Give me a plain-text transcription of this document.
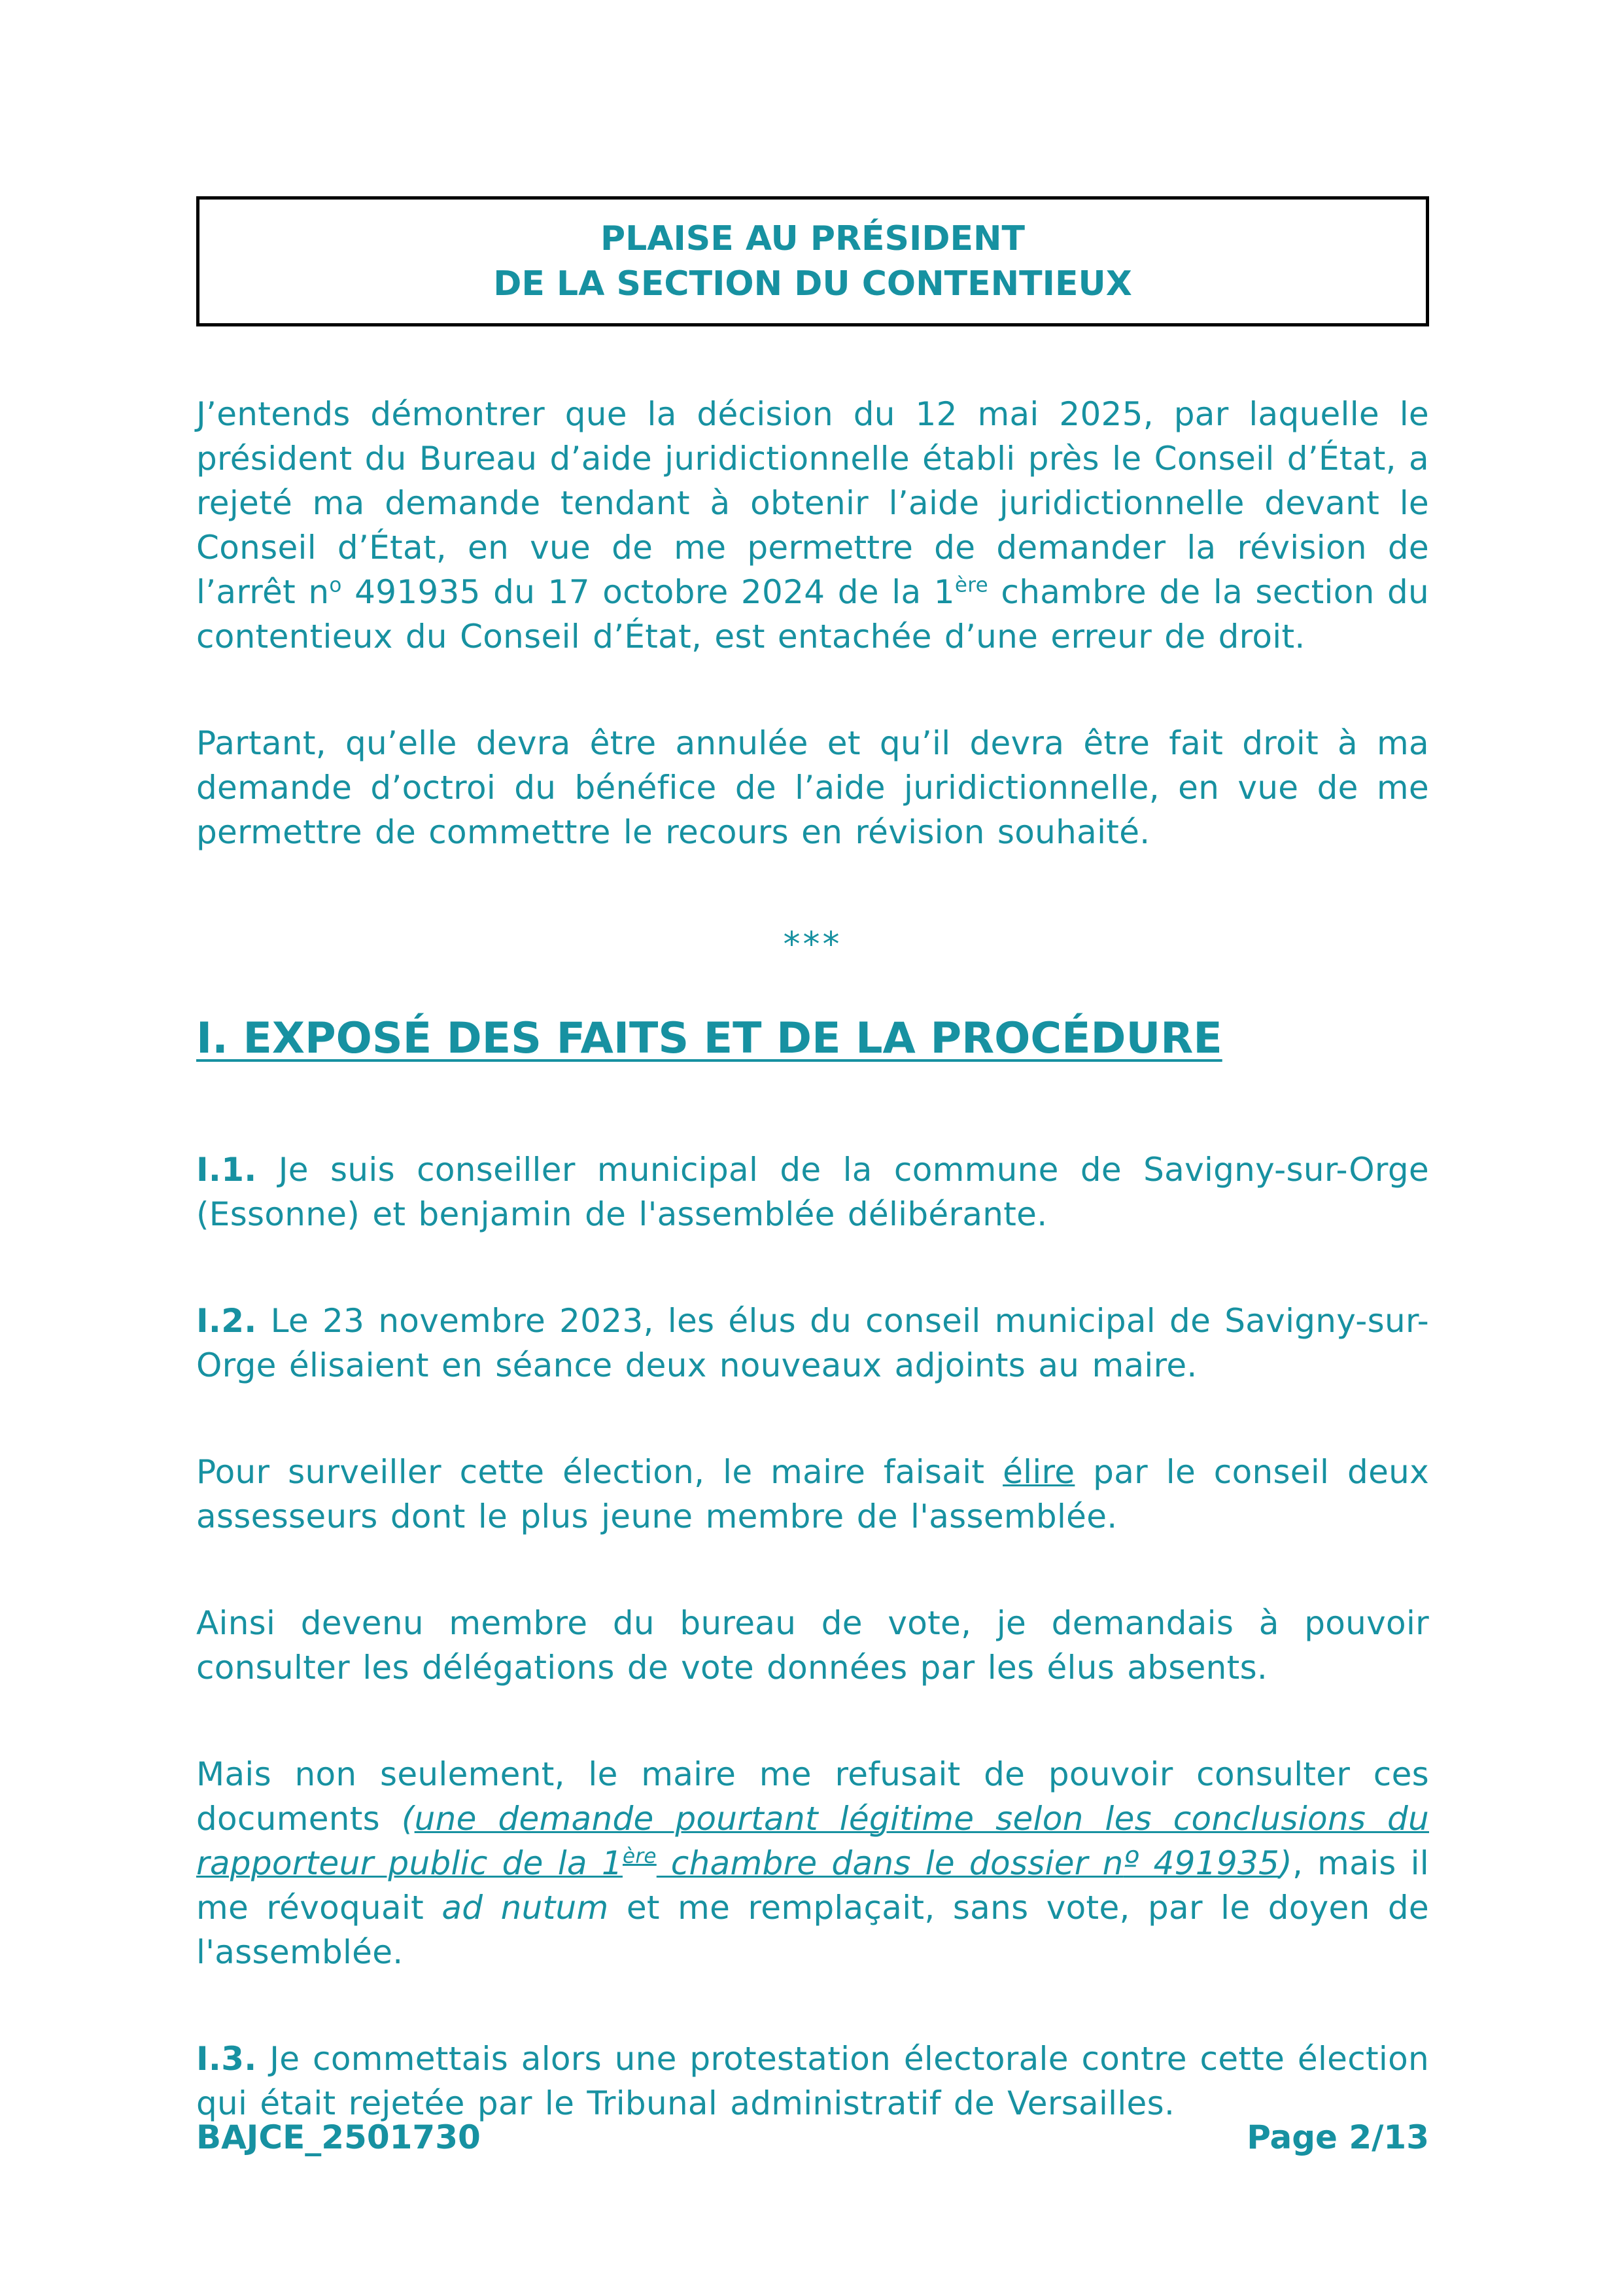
PLAISE AU PRÉSIDENT
DE LA SECTION DU CONTENTIEUX

J’entends démontrer que la décision du 12 mai 2025, par laquelle le président du Bureau d’aide juridictionnelle établi près le Conseil d’État, a rejeté ma demande tendant à obtenir l’aide juridictionnelle devant le Conseil d’État, en vue de me permettre de demander la révision de l’arrêt $n^o$ 491935 du 17 octobre 2024 de la 1ère chambre de la section du contentieux du Conseil d’État, est entachée d’une erreur de droit.

Partant, qu’elle devra être annulée et qu’il devra être fait droit à ma demande d’octroi du bénéfice de l’aide juridictionnelle, en vue de me permettre de commettre le recours en révision souhaité.

***

I. EXPOSÉ DES FAITS ET DE LA PROCÉDURE

I.1. Je suis conseiller municipal de la commune de Savigny-sur-Orge (Essonne) et benjamin de l'assemblée délibérante.

I.2. Le 23 novembre 2023, les élus du conseil municipal de Savigny-sur-Orge élisaient en séance deux nouveaux adjoints au maire.

Pour surveiller cette élection, le maire faisait élire par le conseil deux assesseurs dont le plus jeune membre de l'assemblée.

Ainsi devenu membre du bureau de vote, je demandais à pouvoir consulter les délégations de vote données par les élus absents.

Mais non seulement, le maire me refusait de pouvoir consulter ces documents (une demande pourtant légitime selon les conclusions du rapporteur public de la 1ère chambre dans le dossier nº 491935), mais il me révoquait ad nutum et me remplaçait, sans vote, par le doyen de l'assemblée.

I.3. Je commettais alors une protestation électorale contre cette élection qui était rejetée par le Tribunal administratif de Versailles.

BAJCE_2501730	Page 2/13
